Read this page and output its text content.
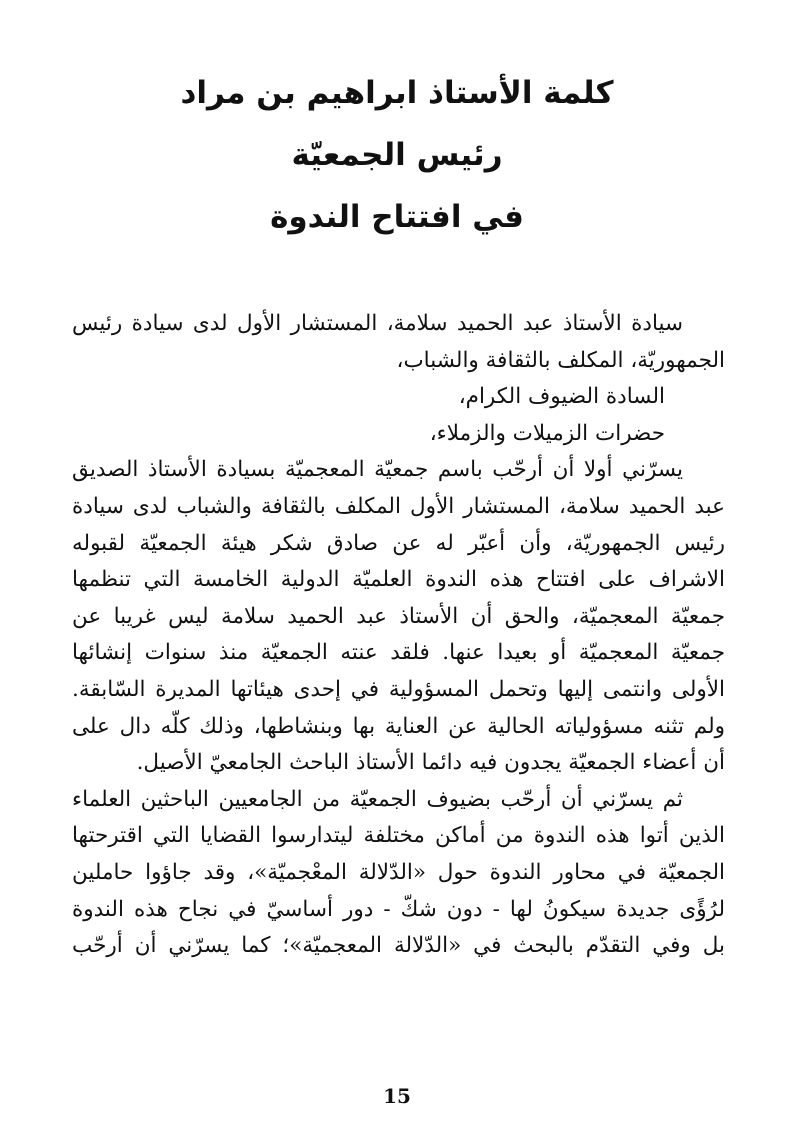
كلمة الأستاذ ابراهيم بن مراد
رئيس الجمعيّة
في افتتاح الندوة
سيادة الأستاذ عبد الحميد سلامة، المستشار الأول لدى سيادة رئيس
الجمهوريّة، المكلف بالثقافة والشباب،
السادة الضيوف الكرام،
حضرات الزميلات والزملاء،
يسرّني أولا أن أرحّب باسم جمعيّة المعجميّة بسيادة الأستاذ الصديق
عبد الحميد سلامة، المستشار الأول المكلف بالثقافة والشباب لدى سيادة
رئيس الجمهوريّة، وأن أعبّر له عن صادق شكر هيئة الجمعيّة لقبوله
الاشراف على افتتاح هذه الندوة العلميّة الدولية الخامسة التي تنظمها
جمعيّة المعجميّة، والحق أن الأستاذ عبد الحميد سلامة ليس غريبا عن
جمعيّة المعجميّة أو بعيدا عنها. فلقد عنته الجمعيّة منذ سنوات إنشائها
الأولى وانتمى إليها وتحمل المسؤولية في إحدى هيئاتها المديرة السّابقة.
ولم تثنه مسؤولياته الحالية عن العناية بها وبنشاطها، وذلك كلّه دال على
أن أعضاء الجمعيّة يجدون فيه دائما الأستاذ الباحث الجامعيّ الأصيل.
ثم يسرّني أن أرحّب بضيوف الجمعيّة من الجامعيين الباحثين العلماء
الذين أتوا هذه الندوة من أماكن مختلفة ليتدارسوا القضايا التي اقترحتها
الجمعيّة في محاور الندوة حول «الدّلالة المعْجميّة»، وقد جاؤوا حاملين
لرُؤًى جديدة سيكونُ لها - دون شكّ - دور أساسيّ في نجاح هذه الندوة
بل وفي التقدّم بالبحث في «الدّلالة المعجميّة»؛ كما يسرّني أن أرحّب
15
